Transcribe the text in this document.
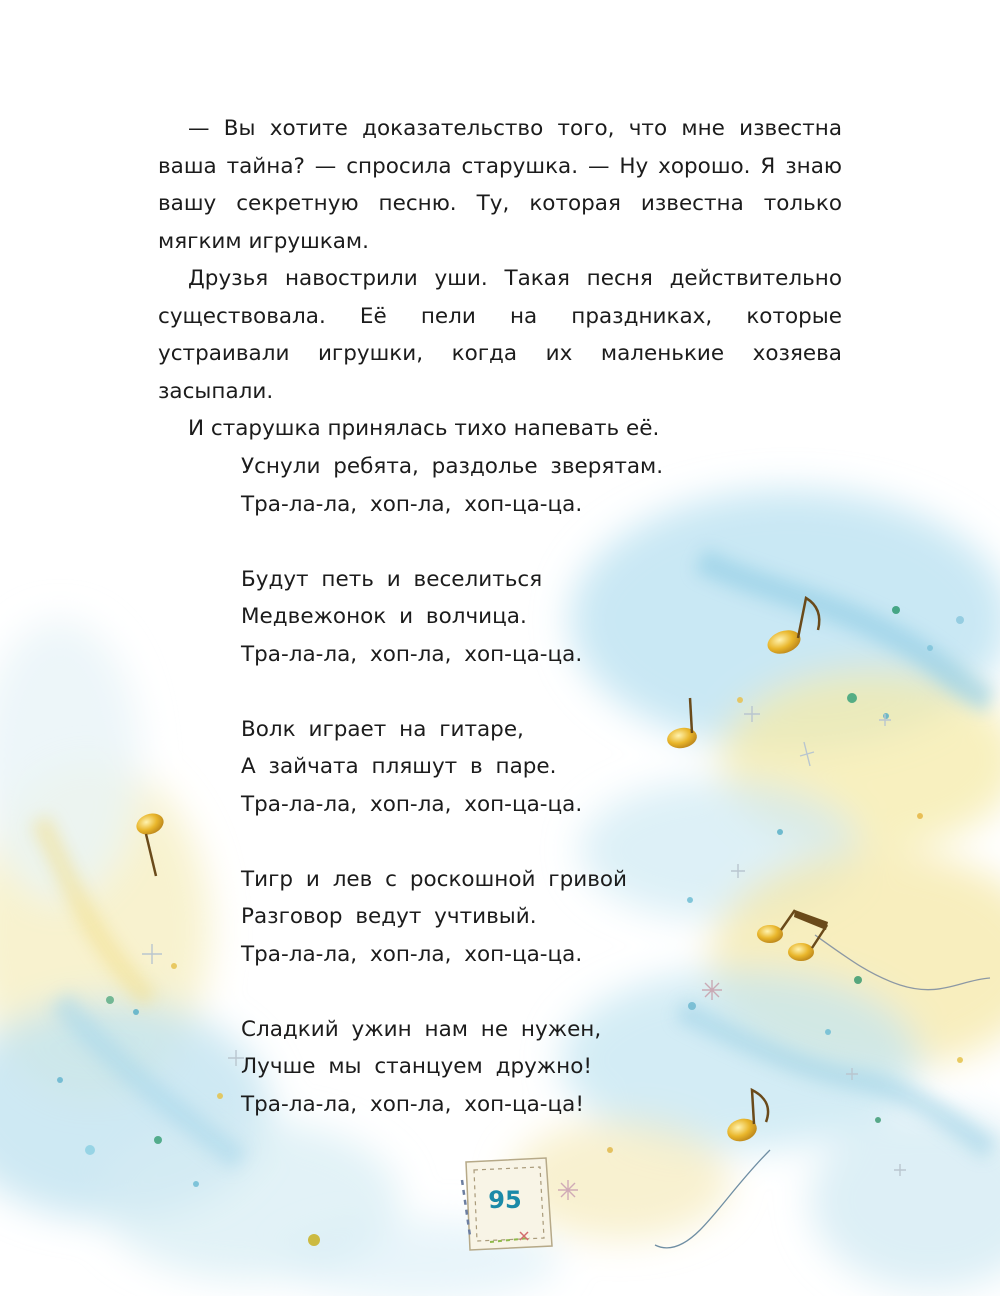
— Вы хотите доказательство того, что мне известна ваша тайна? — спросила старушка. — Ну хорошо. Я знаю вашу секретную песню. Ту, которая известна только мягким игрушкам.

Друзья навострили уши. Такая песня действительно существовала. Её пели на праздниках, которые устраивали игрушки, когда их маленькие хозяева засыпали.

И старушка принялась тихо напевать её.

Уснули ребята, раздолье зверятам.
Тра-ла-ла, хоп-ла, хоп-ца-ца.
Будут петь и веселиться
Медвежонок и волчица.
Тра-ла-ла, хоп-ла, хоп-ца-ца.
Волк играет на гитаре,
А зайчата пляшут в паре.
Тра-ла-ла, хоп-ла, хоп-ца-ца.
Тигр и лев с роскошной гривой
Разговор ведут учтивый.
Тра-ла-ла, хоп-ла, хоп-ца-ца.
Сладкий ужин нам не нужен,
Лучше мы станцуем дружно!
Тра-ла-ла, хоп-ла, хоп-ца-ца!
95
